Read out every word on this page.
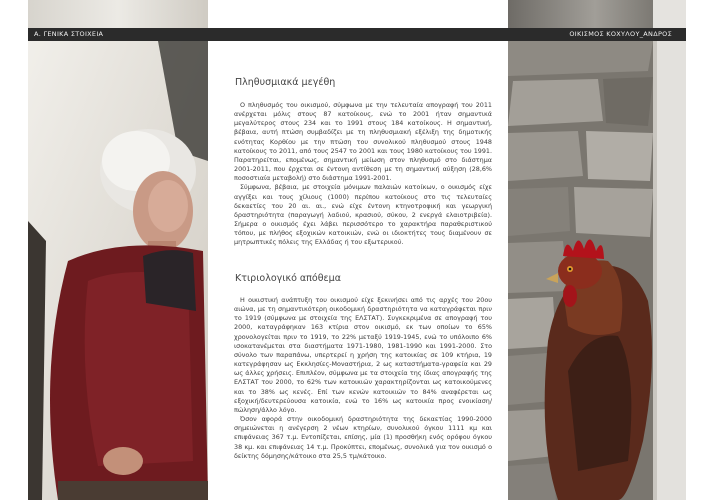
Α. ΓΕΝΙΚΑ ΣΤΟΙΧΕΙΑ	ΟΙΚΙΣΜΟΣ ΚΟΧΥΛΟΥ_ΑΝΔΡΟΣ
Πληθυσμιακά μεγέθη

Ο πληθυσμός του οικισμού, σύμφωνα με την τελευταία απογραφή του 2011 ανέρχεται μόλις στους 87 κατοίκους, ενώ το 2001 ήταν σημαντικά μεγαλύτερος στους 234 και το 1991 στους 184 κατοίκους. Η σημαντική, βέβαια, αυτή πτώση συμβαδίζει με τη πληθυσμιακή εξέλιξη της δημοτικής ενότητας Κορθίου με την πτώση του συνολικού πληθυσμού στους 1948 κατοίκους το 2011, από τους 2547 το 2001 και τους 1980 κατοίκους του 1991. Παρατηρείται, επομένως, σημαντική μείωση στον πληθυσμό στο διάστημα 2001-2011, που έρχεται σε έντονη αντίθεση με τη σημαντική αύξηση (28,6% ποσοστιαία μεταβολή) στο διάστημα 1991-2001.

Σύμφωνα, βέβαια, με στοιχεία μόνιμων παλαιών κατοίκων, ο οικισμός είχε αγγίξει και τους χίλιους (1000) περίπου κατοίκους στο τις τελευταίες δεκαετίες του 20 αι. αι., ενώ είχε έντονη κτηνοτροφική και γεωργική δραστηριότητα (παραγωγή λαδιού, κρασιού, σύκου, 2 ενεργά ελαιοτριβεία). Σήμερα ο οικισμός έχει λάβει περισσότερο το χαρακτήρα παραθεριστικού τόπου, με πλήθος εξοχικών κατοικιών, ενώ οι ιδιοκτήτες τους διαμένουν σε μητρωπτικές πόλεις της Ελλάδας ή του εξωτερικού.

Κτιριολογικό απόθεμα

Η οικιστική ανάπτυξη του οικισμού είχε ξεκινήσει από τις αρχές του 20ου αιώνα, με τη σημαντικότερη οικοδομική δραστηριότητα να καταγράφεται πριν το 1919 (σύμφωνα με στοιχεία της ΕΛΣΤΑΤ). Συγκεκριμένα σε απογραφή του 2000, καταγράφηκαν 163 κτίρια στον οικισμό, εκ των οποίων το 65% χρονολογείται πριν το 1919, το 22% μεταξύ 1919-1945, ενώ το υπόλοιπο 6% ισοκατανέμεται στα διαστήματα 1971-1980, 1981-1990 και 1991-2000. Στο σύνολο των παραπάνω, υπερτερεί η χρήση της κατοικίας σε 109 κτήρια, 19 κατεγράφησαν ως Εκκλησίες-Μοναστήρια, 2 ως καταστήματα-γραφεία και 29 ως άλλες χρήσεις. Επιπλέον, σύμφωνα με τα στοιχεία της ίδιας απογραφής της ΕΛΣΤΑΤ του 2000, το 62% των κατοικιών χαρακτηρίζονται ως κατοικούμενες και το 38% ως κενές. Επί των κενών κατοικιών το 84% αναφέρεται ως εξοχική/δευτερεύουσα κατοικία, ενώ το 16% ως κατοικία προς ενοικίαση/πώληση/άλλο λόγο.

Όσον αφορά στην οικοδομική δραστηριότητα της δεκαετίας 1990-2000 σημειώνεται η ανέγερση 2 νέων κτηρίων, συνολικού όγκου 1111 κμ και επιφάνειας 367 τ.μ. Εντοπίζεται, επίσης, μία (1) προσθήκη ενός ορόφου όγκου 38 κμ. και επιφάνειας 14 τ.μ. Προκύπτει, επομένως, συνολικά για τον οικισμό ο δείκτης δόμησης/κάτοικο στα 25,5 τμ/κάτοικο.
